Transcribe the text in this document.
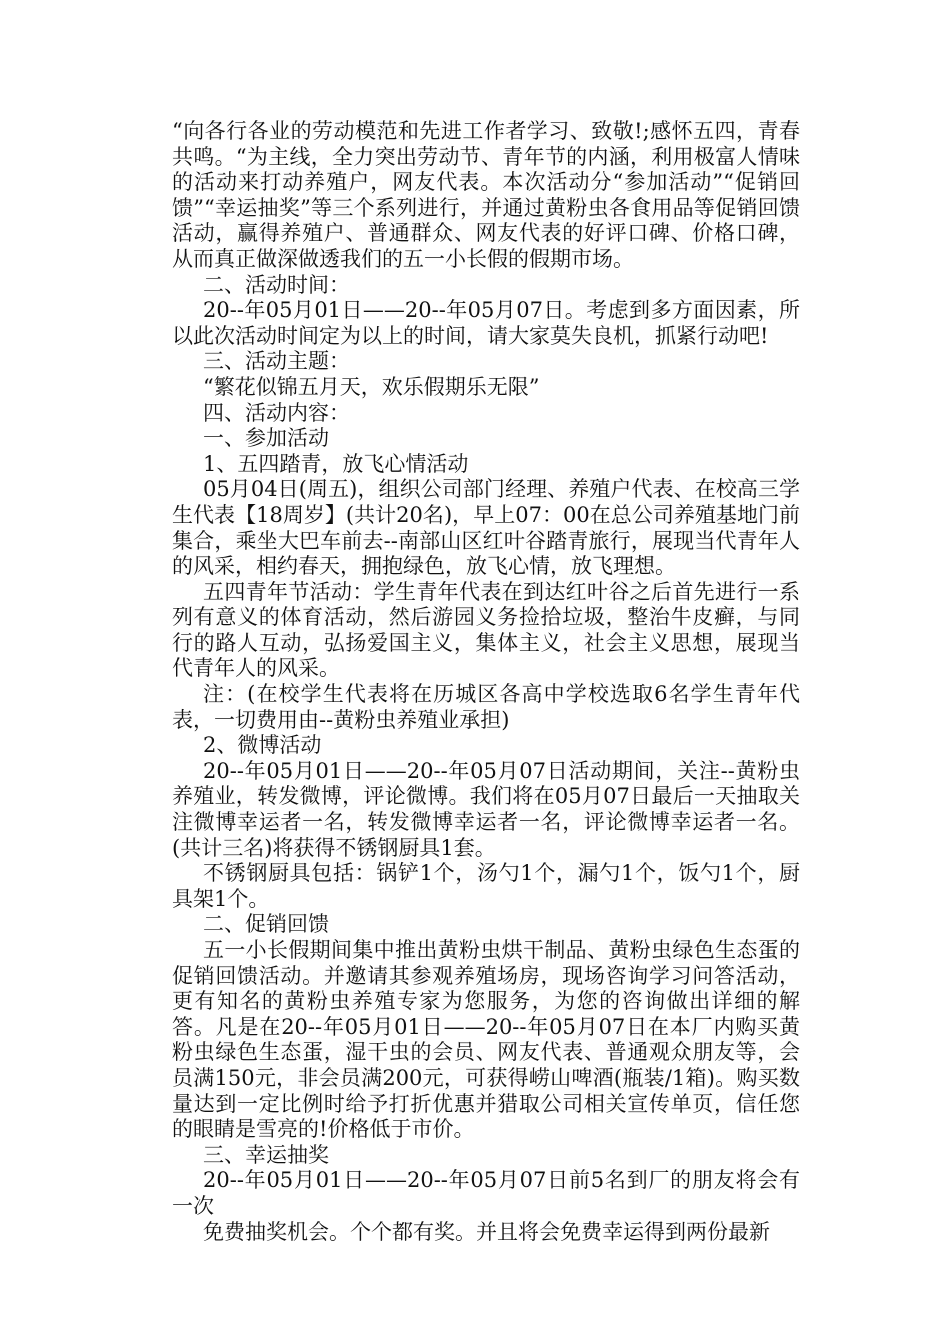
“向各行各业的劳动模范和先进工作者学习、致敬!;感怀五四，青春共鸣。“为主线，全力突出劳动节、青年节的内涵，利用极富人情味的活动来打动养殖户，网友代表。本次活动分“参加活动”“促销回馈”“幸运抽奖”等三个系列进行，并通过黄粉虫各食用品等促销回馈活动，赢得养殖户、普通群众、网友代表的好评口碑、价格口碑，从而真正做深做透我们的五一小长假的假期市场。

二、活动时间：

20--年05月01日——20--年05月07日。考虑到多方面因素，所以此次活动时间定为以上的时间，请大家莫失良机，抓紧行动吧!

三、活动主题：

“繁花似锦五月天，欢乐假期乐无限”

四、活动内容：

一、参加活动

1、五四踏青，放飞心情活动

05月04日(周五)，组织公司部门经理、养殖户代表、在校高三学生代表【18周岁】(共计20名)，早上07：00在总公司养殖基地门前集合，乘坐大巴车前去--南部山区红叶谷踏青旅行，展现当代青年人的风采，相约春天，拥抱绿色，放飞心情，放飞理想。

五四青年节活动：学生青年代表在到达红叶谷之后首先进行一系列有意义的体育活动，然后游园义务捡拾垃圾，整治牛皮癣，与同行的路人互动，弘扬爱国主义，集体主义，社会主义思想，展现当代青年人的风采。

注：(在校学生代表将在历城区各高中学校选取6名学生青年代表，一切费用由--黄粉虫养殖业承担)

2、微博活动

20--年05月01日——20--年05月07日活动期间，关注--黄粉虫养殖业，转发微博，评论微博。我们将在05月07日最后一天抽取关注微博幸运者一名，转发微博幸运者一名，评论微博幸运者一名。(共计三名)将获得不锈钢厨具1套。

不锈钢厨具包括：锅铲1个，汤勺1个，漏勺1个，饭勺1个，厨具架1个。

二、促销回馈

五一小长假期间集中推出黄粉虫烘干制品、黄粉虫绿色生态蛋的促销回馈活动。并邀请其参观养殖场房，现场咨询学习问答活动，更有知名的黄粉虫养殖专家为您服务，为您的咨询做出详细的解答。凡是在20--年05月01日——20--年05月07日在本厂内购买黄粉虫绿色生态蛋，湿干虫的会员、网友代表、普通观众朋友等，会员满150元，非会员满200元，可获得崂山啤酒(瓶装/1箱)。购买数量达到一定比例时给予打折优惠并猎取公司相关宣传单页，信任您的眼睛是雪亮的!价格低于市价。

三、幸运抽奖

20--年05月01日——20--年05月07日前5名到厂的朋友将会有一次

免费抽奖机会。个个都有奖。并且将会免费幸运得到两份最新
